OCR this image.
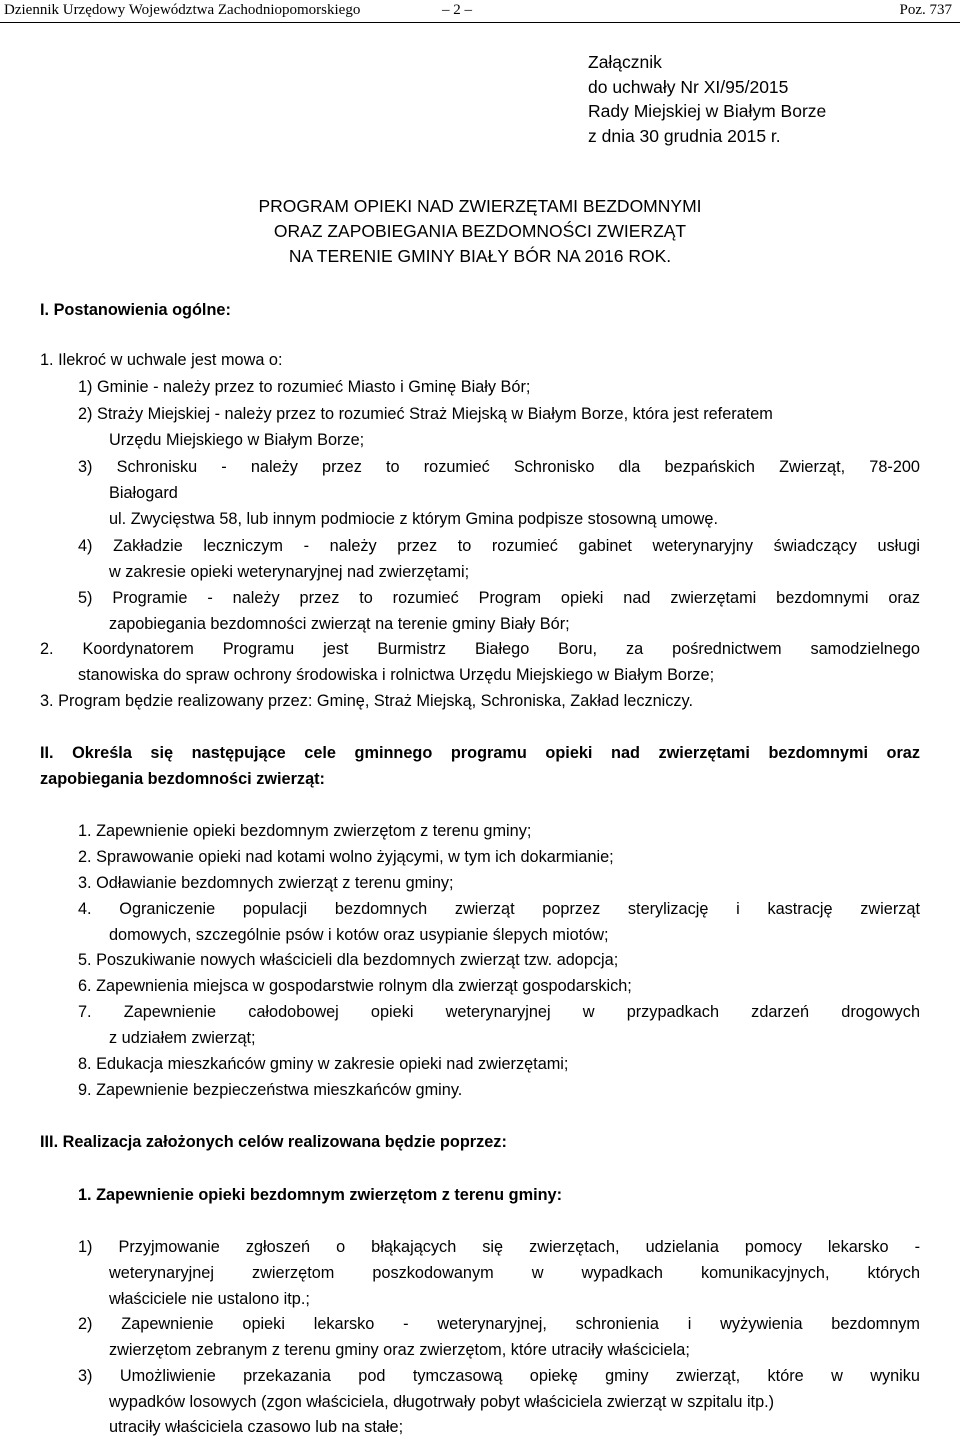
Dziennik Urzędowy Województwa Zachodniopomorskiego	– 2 –	Poz. 737
Załącznik
do uchwały Nr XI/95/2015
Rady Miejskiej w Białym Borze
z dnia 30 grudnia 2015 r.
PROGRAM OPIEKI NAD ZWIERZĘTAMI BEZDOMNYMI
ORAZ ZAPOBIEGANIA BEZDOMNOŚCI ZWIERZĄT
NA TERENIE GMINY BIAŁY BÓR NA 2016 ROK.
I. Postanowienia ogólne:
1. Ilekroć w uchwale jest mowa o:
1) Gminie - należy przez to rozumieć Miasto i Gminę Biały Bór;
2) Straży Miejskiej - należy przez to rozumieć Straż Miejską w Białym Borze, która jest referatem
Urzędu Miejskiego w Białym Borze;
3) Schronisku - należy przez to rozumieć Schronisko dla bezpańskich Zwierząt, 78-200
Białogard
ul. Zwycięstwa 58, lub innym podmiocie z którym Gmina podpisze stosowną umowę.
4) Zakładzie leczniczym - należy przez to rozumieć gabinet weterynaryjny świadczący usługi
w zakresie opieki weterynaryjnej nad zwierzętami;
5) Programie - należy przez to rozumieć Program opieki nad zwierzętami bezdomnymi oraz
zapobiegania bezdomności zwierząt na terenie gminy Biały Bór;
2. Koordynatorem Programu jest Burmistrz Białego Boru, za pośrednictwem samodzielnego
stanowiska do spraw ochrony środowiska i rolnictwa Urzędu Miejskiego w Białym Borze;
3. Program będzie realizowany przez: Gminę, Straż Miejską, Schroniska, Zakład leczniczy.
II. Określa się następujące cele gminnego programu opieki nad zwierzętami bezdomnymi oraz
zapobiegania bezdomności zwierząt:
1. Zapewnienie opieki bezdomnym zwierzętom z terenu gminy;
2. Sprawowanie opieki nad kotami wolno żyjącymi, w tym ich dokarmianie;
3. Odławianie bezdomnych zwierząt z terenu gminy;
4. Ograniczenie populacji bezdomnych zwierząt poprzez sterylizację i kastrację zwierząt
domowych, szczególnie psów i kotów oraz usypianie ślepych miotów;
5. Poszukiwanie nowych właścicieli dla bezdomnych zwierząt tzw. adopcja;
6. Zapewnienia miejsca w gospodarstwie rolnym dla zwierząt gospodarskich;
7. Zapewnienie całodobowej opieki weterynaryjnej w przypadkach zdarzeń drogowych
z udziałem zwierząt;
8. Edukacja mieszkańców gminy w zakresie opieki nad zwierzętami;
9. Zapewnienie bezpieczeństwa mieszkańców gminy.
III. Realizacja założonych celów realizowana będzie poprzez:
1. Zapewnienie opieki bezdomnym zwierzętom z terenu gminy:
1) Przyjmowanie zgłoszeń o błąkających się zwierzętach, udzielania pomocy lekarsko -
weterynaryjnej zwierzętom poszkodowanym w wypadkach komunikacyjnych, których
właściciele nie ustalono itp.;
2) Zapewnienie opieki lekarsko - weterynaryjnej, schronienia i wyżywienia bezdomnym
zwierzętom zebranym z terenu gminy oraz zwierzętom, które utraciły właściciela;
3) Umożliwienie przekazania pod tymczasową opiekę gminy zwierząt, które w wyniku
wypadków losowych (zgon właściciela, długotrwały pobyt właściciela zwierząt w szpitalu itp.)
utraciły właściciela czasowo lub na stałe;
